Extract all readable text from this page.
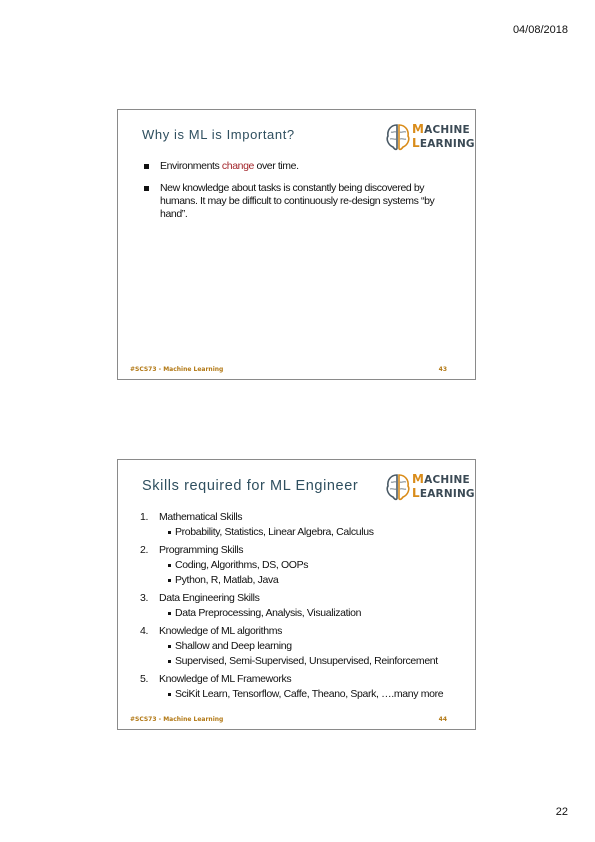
04/08/2018
Why is ML is Important?	MACHINE
LEARNING
Environments change over time.
New knowledge about tasks is constantly being discovered by humans. It may be difficult to continuously re-design systems “by hand”.
#SCS73 - Machine Learning	43
Skills required for ML Engineer	MACHINE
LEARNING
1. Mathematical Skills
Probability, Statistics, Linear Algebra, Calculus
2. Programming Skills
Coding, Algorithms, DS, OOPs
Python, R, Matlab, Java
3. Data Engineering Skills
Data Preprocessing, Analysis, Visualization
4. Knowledge of ML algorithms
Shallow and Deep learning
Supervised, Semi-Supervised, Unsupervised, Reinforcement
5. Knowledge of ML Frameworks
SciKit Learn, Tensorflow, Caffe, Theano, Spark, ….many more
#SCS73 - Machine Learning	44
22
